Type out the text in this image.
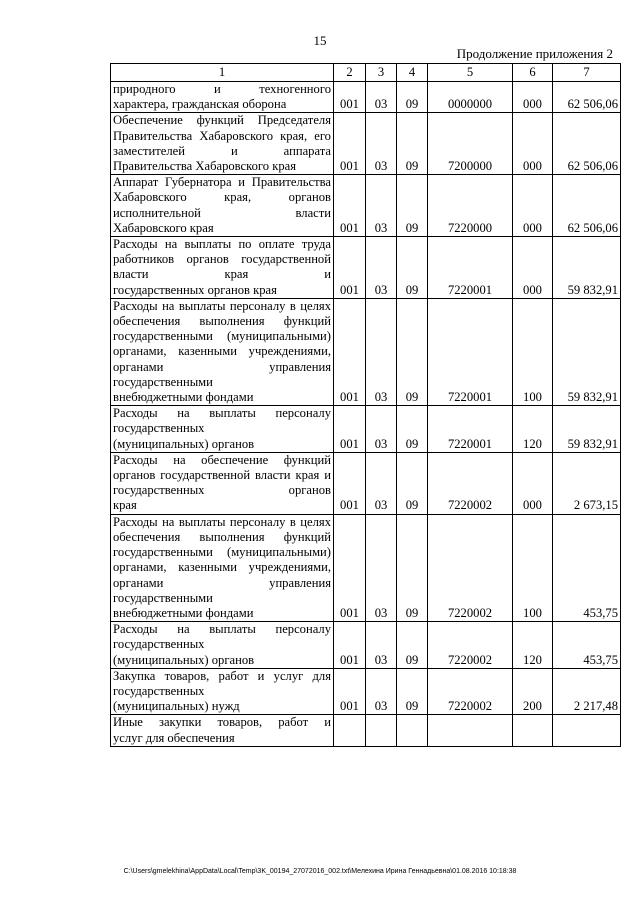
15
Продолжение приложения 2
1	2	3	4	5	6	7
природного и техногенного
характера, гражданская оборона	001	03	09	0000000	000	62 506,06
Обеспечение функций Председателя Правительства Хабаровского края, его заместителей и аппарата
Правительства Хабаровского края	001	03	09	7200000	000	62 506,06
Аппарат Губернатора и Правительства Хабаровского края, органов исполнительной власти
Хабаровского края	001	03	09	7220000	000	62 506,06
Расходы на выплаты по оплате труда работников органов государственной власти края и
государственных органов края	001	03	09	7220001	000	59 832,91
Расходы на выплаты персоналу в целях обеспечения выполнения функций государственными (муниципальными) органами, казенными учреждениями, органами управления государственными
внебюджетными фондами	001	03	09	7220001	100	59 832,91
Расходы на выплаты персоналу государственных
(муниципальных) органов	001	03	09	7220001	120	59 832,91
Расходы на обеспечение функций органов государственной власти края и государственных органов
края	001	03	09	7220002	000	2 673,15
Расходы на выплаты персоналу в целях обеспечения выполнения функций государственными (муниципальными) органами, казенными учреждениями, органами управления государственными
внебюджетными фондами	001	03	09	7220002	100	453,75
Расходы на выплаты персоналу государственных
(муниципальных) органов	001	03	09	7220002	120	453,75
Закупка товаров, работ и услуг для государственных
(муниципальных) нужд	001	03	09	7220002	200	2 217,48
Иные закупки товаров, работ и
услуг для обеспечения						

C:\Users\gmelekhina\AppData\Local\Temp\3K_00194_27072016_002.txt\Мелехина Ирина Геннадьевна\01.08.2016 10:18:38
